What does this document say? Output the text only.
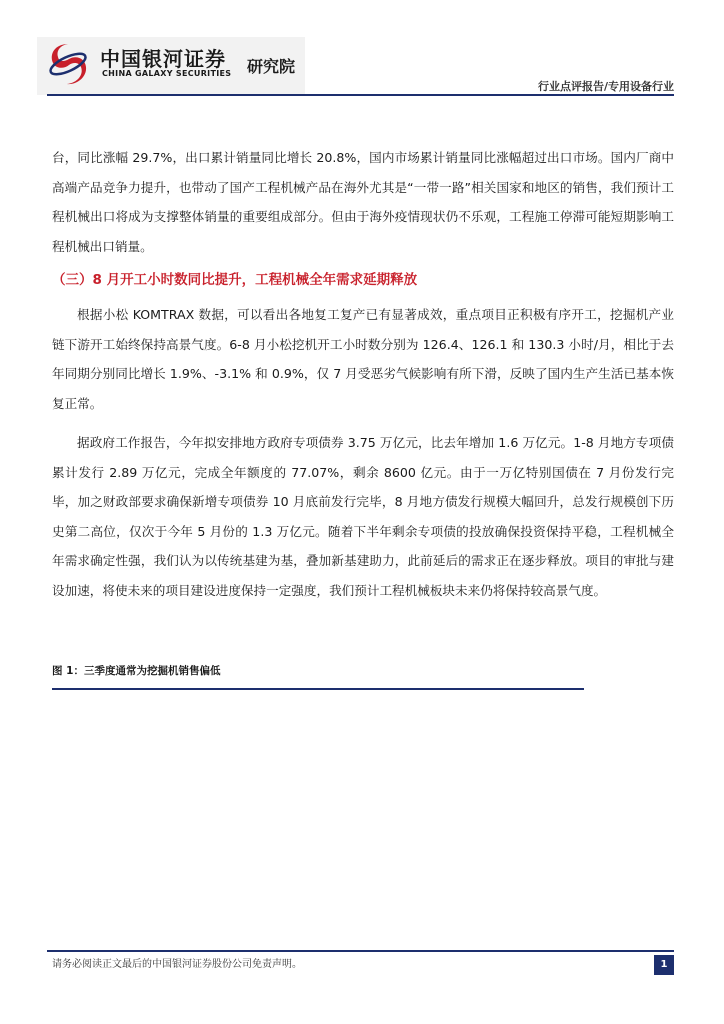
中国银河证券
CHINA GALAXY SECURITIES 研究院
行业点评报告/专用设备行业

台，同比涨幅 29.7%，出口累计销量同比增长 20.8%，国内市场累计销量同比涨幅超过出口市场。国内厂商中高端产品竞争力提升，也带动了国产工程机械产品在海外尤其是“一带一路”相关国家和地区的销售，我们预计工程机械出口将成为支撑整体销量的重要组成部分。但由于海外疫情现状仍不乐观，工程施工停滞可能短期影响工程机械出口销量。

（三）8 月开工小时数同比提升，工程机械全年需求延期释放

根据小松 KOMTRAX 数据，可以看出各地复工复产已有显著成效，重点项目正积极有序开工，挖掘机产业链下游开工始终保持高景气度。6-8 月小松挖机开工小时数分别为 126.4、126.1 和 130.3 小时/月，相比于去年同期分别同比增长 1.9%、-3.1% 和 0.9%，仅 7 月受恶劣气候影响有所下滑，反映了国内生产生活已基本恢复正常。

据政府工作报告，今年拟安排地方政府专项债券 3.75 万亿元，比去年增加 1.6 万亿元。1-8 月地方专项债累计发行 2.89 万亿元，完成全年额度的 77.07%，剩余 8600 亿元。由于一万亿特别国债在 7 月份发行完毕，加之财政部要求确保新增专项债券 10 月底前发行完毕，8 月地方债发行规模大幅回升，总发行规模创下历史第二高位，仅次于今年 5 月份的 1.3 万亿元。随着下半年剩余专项债的投放确保投资保持平稳，工程机械全年需求确定性强，我们认为以传统基建为基，叠加新基建助力，此前延后的需求正在逐步释放。项目的审批与建设加速，将使未来的项目建设进度保持一定强度，我们预计工程机械板块未来仍将保持较高景气度。

图 1：三季度通常为挖掘机销售偏低
请务必阅读正文最后的中国银河证券股份公司免责声明。	1
